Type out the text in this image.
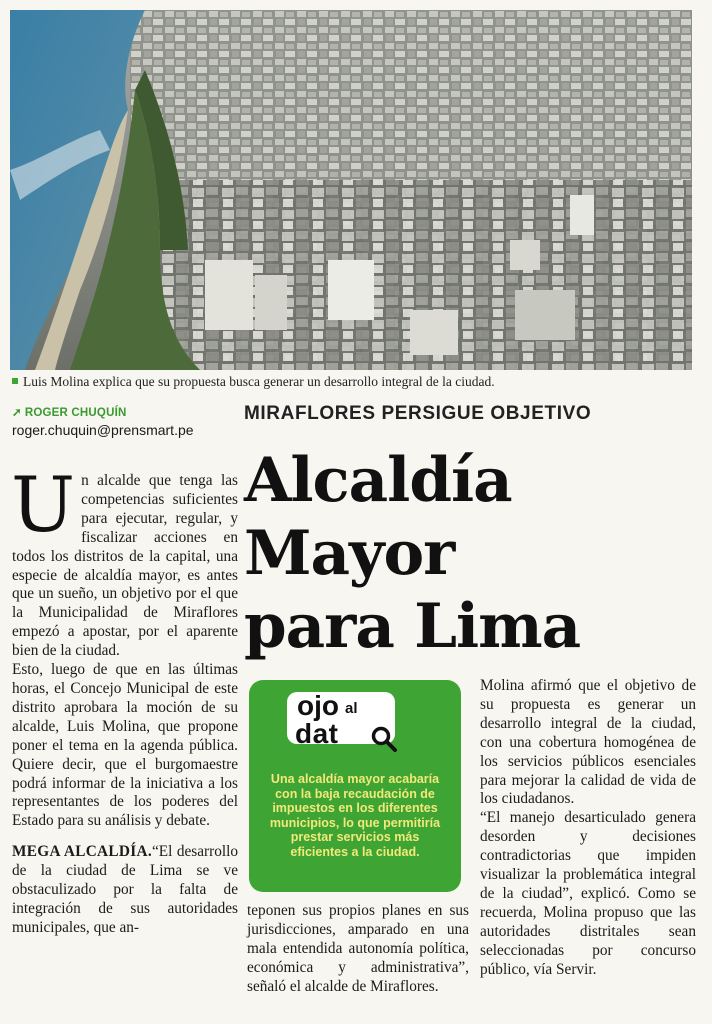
Luis Molina explica que su propuesta busca generar un desarrollo integral de la ciudad.
➚ ROGER CHUQUÍN
roger.chuquin@prensmart.pe
MIRAFLORES PERSIGUE OBJETIVO
Alcaldía
Mayor
para Lima

Un alcalde que tenga las competencias suficientes para ejecutar, regular, y fiscalizar acciones en todos los distritos de la capital, una especie de alcaldía mayor, es antes que un sueño, un objetivo por el que la Municipalidad de Miraflores empezó a apostar, por el aparente bien de la ciudad.

Esto, luego de que en las últimas horas, el Concejo Municipal de este distrito aprobara la moción de su alcalde, Luis Molina, que propone poner el tema en la agenda pública. Quiere decir, que el burgomaestre podrá informar de la iniciativa a los representantes de los poderes del Estado para su análisis y debate.

MEGA ALCALDÍA.“El desarrollo de la ciudad de Lima se ve obstaculizado por la falta de integración de sus autoridades municipales, que an-

ojo al
dat
Una alcaldía mayor acabaría con la baja recaudación de impuestos en los diferentes municipios, lo que permitiría prestar servicios más eficientes a la ciudad.
teponen sus propios planes en sus jurisdicciones, amparado en una mala entendida autonomía política, económica y administrativa”, señaló el alcalde de Miraflores.

Molina afirmó que el objetivo de su propuesta es generar un desarrollo integral de la ciudad, con una cobertura homogénea de los servicios públicos esenciales para mejorar la calidad de vida de los ciudadanos.

“El manejo desarticulado genera desorden y decisiones contradictorias que impiden visualizar la problemática integral de la ciudad”, explicó. Como se recuerda, Molina propuso que las autoridades distritales sean seleccionadas por concurso público, vía Servir.
